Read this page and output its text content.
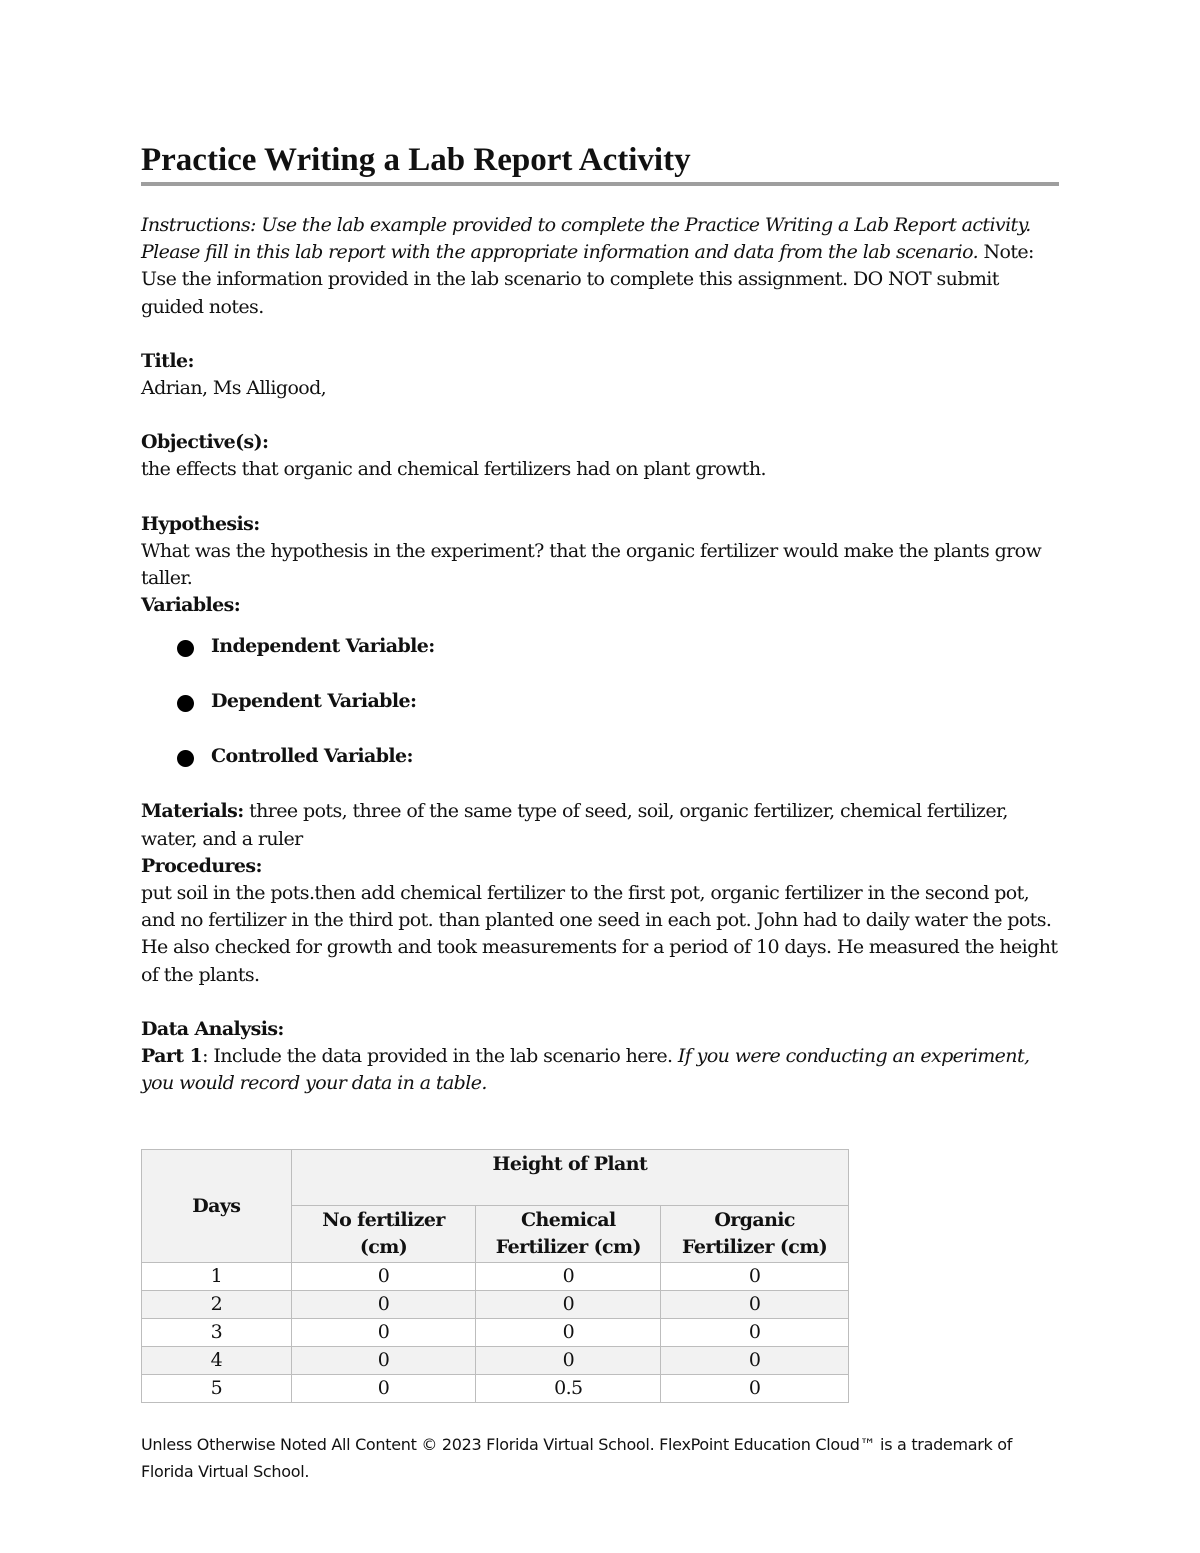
Practice Writing a Lab Report Activity
Instructions: Use the lab example provided to complete the Practice Writing a Lab Report activity. Please fill in this lab report with the appropriate information and data from the lab scenario. Note: Use the information provided in the lab scenario to complete this assignment. DO NOT submit guided notes.
Title:
Adrian, Ms Alligood,
Objective(s):
the effects that organic and chemical fertilizers had on plant growth.
Hypothesis:
What was the hypothesis in the experiment? that the organic fertilizer would make the plants grow taller.
Variables:
Independent Variable:
Dependent Variable:
Controlled Variable:
Materials: three pots, three of the same type of seed, soil, organic fertilizer, chemical fertilizer, water, and a ruler
Procedures:
put soil in the pots.then add chemical fertilizer to the first pot, organic fertilizer in the second pot, and no fertilizer in the third pot. than planted one seed in each pot. John had to daily water the pots. He also checked for growth and took measurements for a period of 10 days. He measured the height of the plants.
Data Analysis:
Part 1: Include the data provided in the lab scenario here. If you were conducting an experiment, you would record your data in a table.
Days	Height of Plant		
	No fertilizer (cm)	Chemical Fertilizer (cm)	Organic Fertilizer (cm)
1	0	0	0
2	0	0	0
3	0	0	0
4	0	0	0
5	0	0.5	0
Unless Otherwise Noted All Content © 2023 Florida Virtual School. FlexPoint Education Cloud™ is a trademark of Florida Virtual School.
